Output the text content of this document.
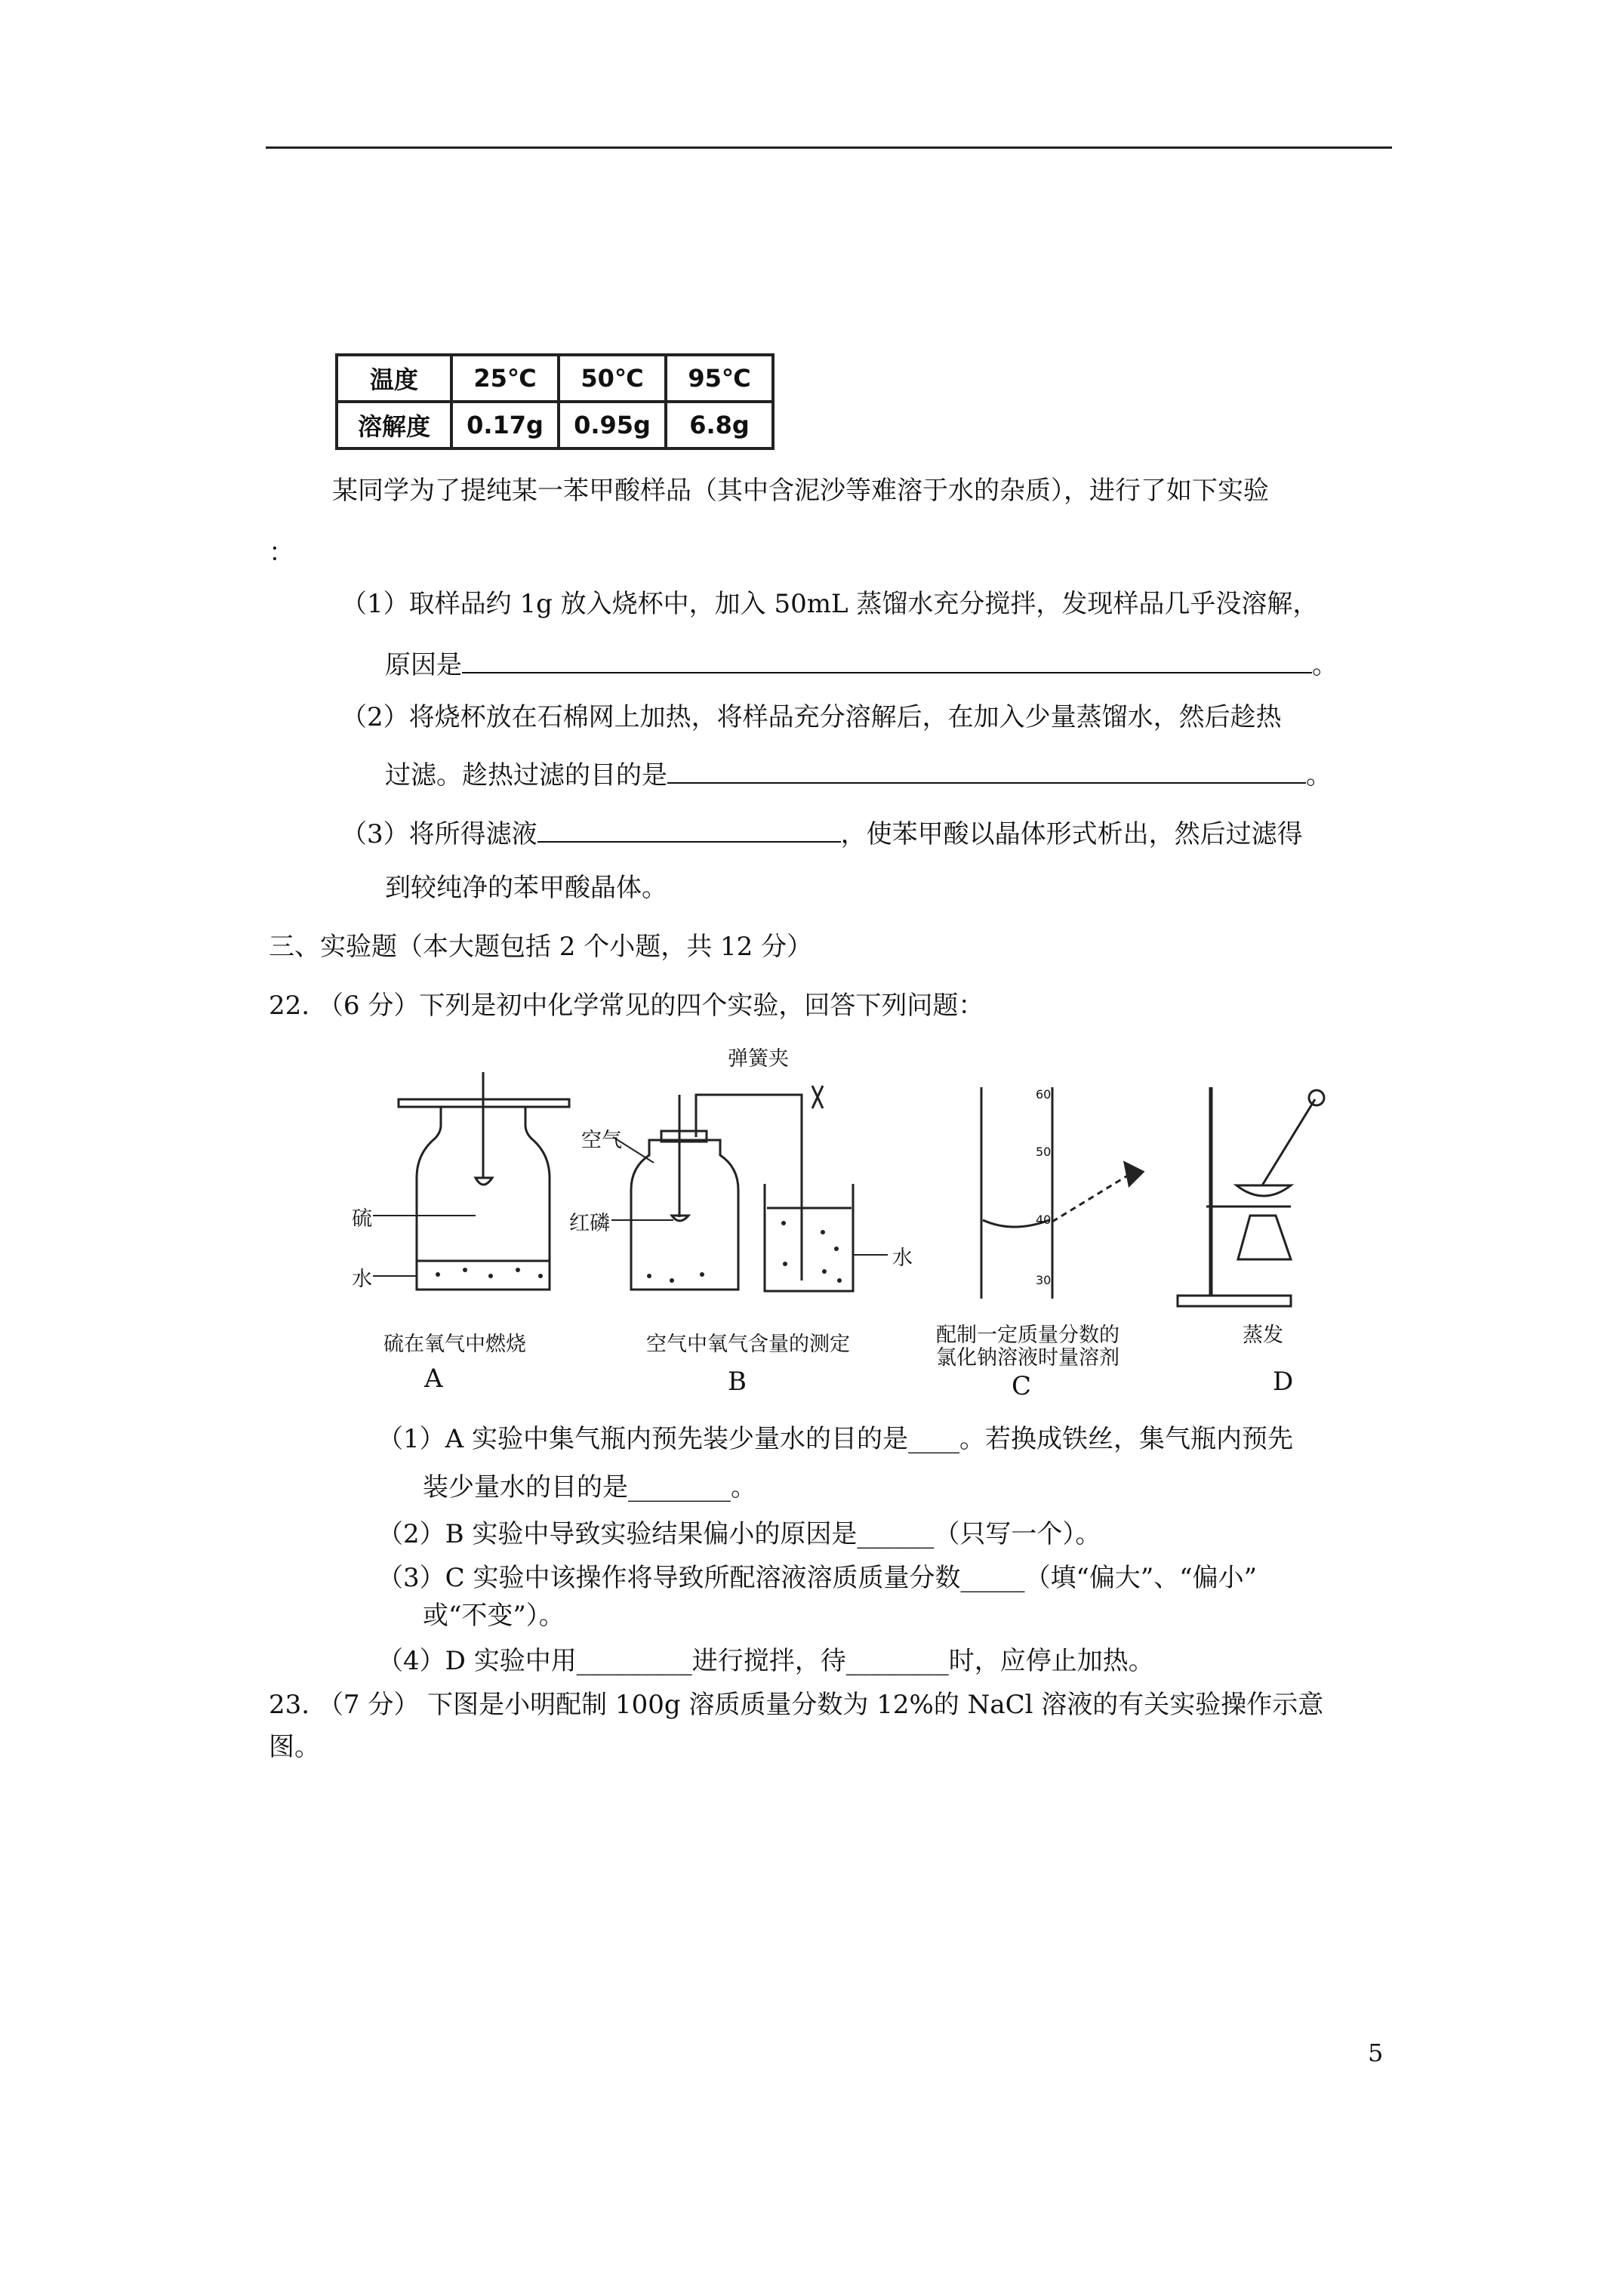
温度	25℃	50℃	95℃
溶解度	0.17g	0.95g	6.8g
某同学为了提纯某一苯甲酸样品（其中含泥沙等难溶于水的杂质），进行了如下实验
：
（1）取样品约 1g 放入烧杯中，加入 50mL 蒸馏水充分搅拌，发现样品几乎没溶解，
原因是	。
（2）将烧杯放在石棉网上加热，将样品充分溶解后，在加入少量蒸馏水，然后趁热
过滤。趁热过滤的目的是	。
（3）将所得滤液	，使苯甲酸以晶体形式析出，然后过滤得
到较纯净的苯甲酸晶体。
三、实验题（本大题包括 2 个小题，共 12 分）
22. （6 分）下列是初中化学常见的四个实验，回答下列问题：
硫
水
弹簧夹
空气
红磷
水
60
50
40
30
硫在氧气中燃烧	空气中氧气含量的测定	配制一定质量分数的
氯化钠溶液时量溶剂
蒸发
A	B	C	D
（1）A 实验中集气瓶内预先装少量水的目的是____。若换成铁丝，集气瓶内预先
装少量水的目的是________。
（2）B 实验中导致实验结果偏小的原因是______（只写一个）。
（3）C 实验中该操作将导致所配溶液溶质质量分数_____（填“偏大”、“偏小”
或“不变”）。
（4）D 实验中用_________进行搅拌，待________时，应停止加热。
23. （7 分） 下图是小明配制 100g 溶质质量分数为 12%的 NaCl 溶液的有关实验操作示意
图。
5
